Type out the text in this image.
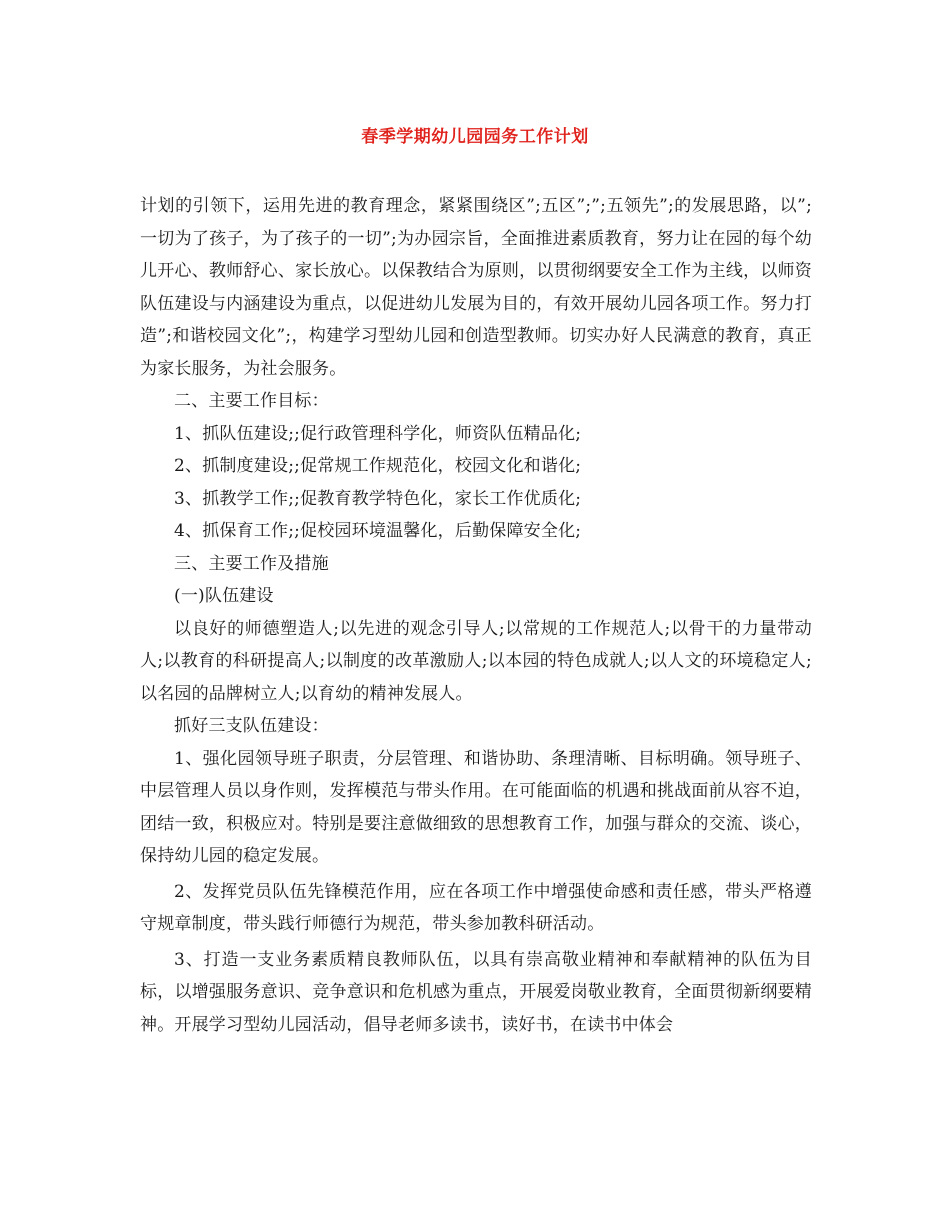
春季学期幼儿园园务工作计划

计划的引领下，运用先进的教育理念，紧紧围绕区”;五区”;”;五领先”;的发展思路，以”;一切为了孩子，为了孩子的一切”;为办园宗旨，全面推进素质教育，努力让在园的每个幼儿开心、教师舒心、家长放心。以保教结合为原则，以贯彻纲要安全工作为主线，以师资队伍建设与内涵建设为重点，以促进幼儿发展为目的，有效开展幼儿园各项工作。努力打造”;和谐校园文化”;，构建学习型幼儿园和创造型教师。切实办好人民满意的教育，真正为家长服务，为社会服务。

二、主要工作目标：

1、抓队伍建设;;促行政管理科学化，师资队伍精品化;

2、抓制度建设;;促常规工作规范化，校园文化和谐化;

3、抓教学工作;;促教育教学特色化，家长工作优质化;

4、抓保育工作;;促校园环境温馨化，后勤保障安全化;

三、主要工作及措施

(一)队伍建设

以良好的师德塑造人;以先进的观念引导人;以常规的工作规范人;以骨干的力量带动人;以教育的科研提高人;以制度的改革激励人;以本园的特色成就人;以人文的环境稳定人;以名园的品牌树立人;以育幼的精神发展人。

抓好三支队伍建设：

1、强化园领导班子职责，分层管理、和谐协助、条理清晰、目标明确。领导班子、中层管理人员以身作则，发挥模范与带头作用。在可能面临的机遇和挑战面前从容不迫，团结一致，积极应对。特别是要注意做细致的思想教育工作，加强与群众的交流、谈心，保持幼儿园的稳定发展。

2、发挥党员队伍先锋模范作用，应在各项工作中增强使命感和责任感，带头严格遵守规章制度，带头践行师德行为规范，带头参加教科研活动。

3、打造一支业务素质精良教师队伍，以具有崇高敬业精神和奉献精神的队伍为目标，以增强服务意识、竞争意识和危机感为重点，开展爱岗敬业教育，全面贯彻新纲要精神。开展学习型幼儿园活动，倡导老师多读书，读好书，在读书中体会
